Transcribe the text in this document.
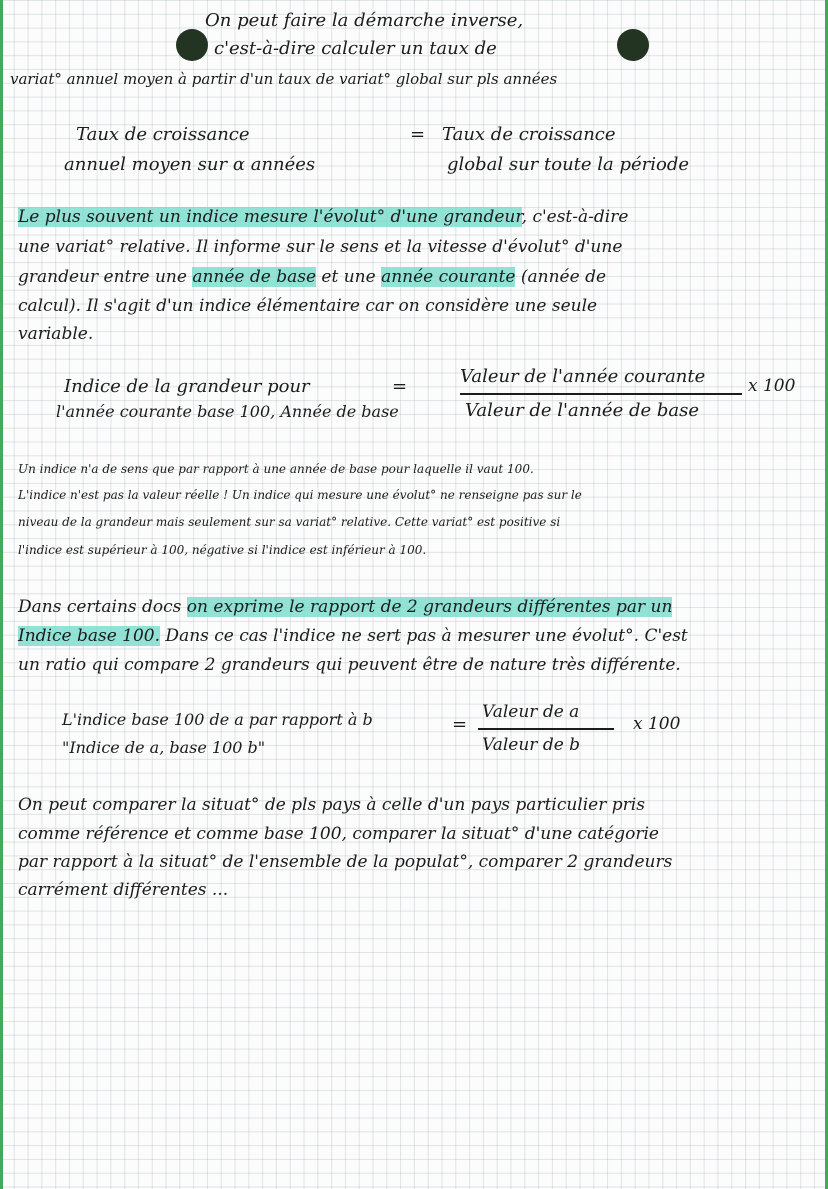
On peut faire la démarche inverse,
c'est-à-dire calculer un taux de
variat° annuel moyen à partir d'un taux de variat° global sur pls années
Taux de croissance
annuel moyen sur α années
= Taux de croissance
global sur toute la période
Le plus souvent un indice mesure l'évolut° d'une grandeur, c'est-à-dire
une variat° relative. Il informe sur le sens et la vitesse d'évolut° d'une
grandeur entre une année de base et une année courante (année de
calcul). Il s'agit d'un indice élémentaire car on considère une seule
variable.
Indice de la grandeur pour	=
l'année courante base 100, Année de base
Valeur de l'année courante
Valeur de l'année de base
x 100
Un indice n'a de sens que par rapport à une année de base pour laquelle il vaut 100.
L'indice n'est pas la valeur réelle ! Un indice qui mesure une évolut° ne renseigne pas sur le
niveau de la grandeur mais seulement sur sa variat° relative. Cette variat° est positive si
l'indice est supérieur à 100, négative si l'indice est inférieur à 100.
Dans certains docs on exprime le rapport de 2 grandeurs différentes par un
Indice base 100. Dans ce cas l'indice ne sert pas à mesurer une évolut°. C'est
un ratio qui compare 2 grandeurs qui peuvent être de nature très différente.
L'indice base 100 de a par rapport à b
"Indice de a, base 100 b"
=
Valeur de a
Valeur de b
x 100
On peut comparer la situat° de pls pays à celle d'un pays particulier pris
comme référence et comme base 100, comparer la situat° d'une catégorie
par rapport à la situat° de l'ensemble de la populat°, comparer 2 grandeurs
carrément différentes ...
